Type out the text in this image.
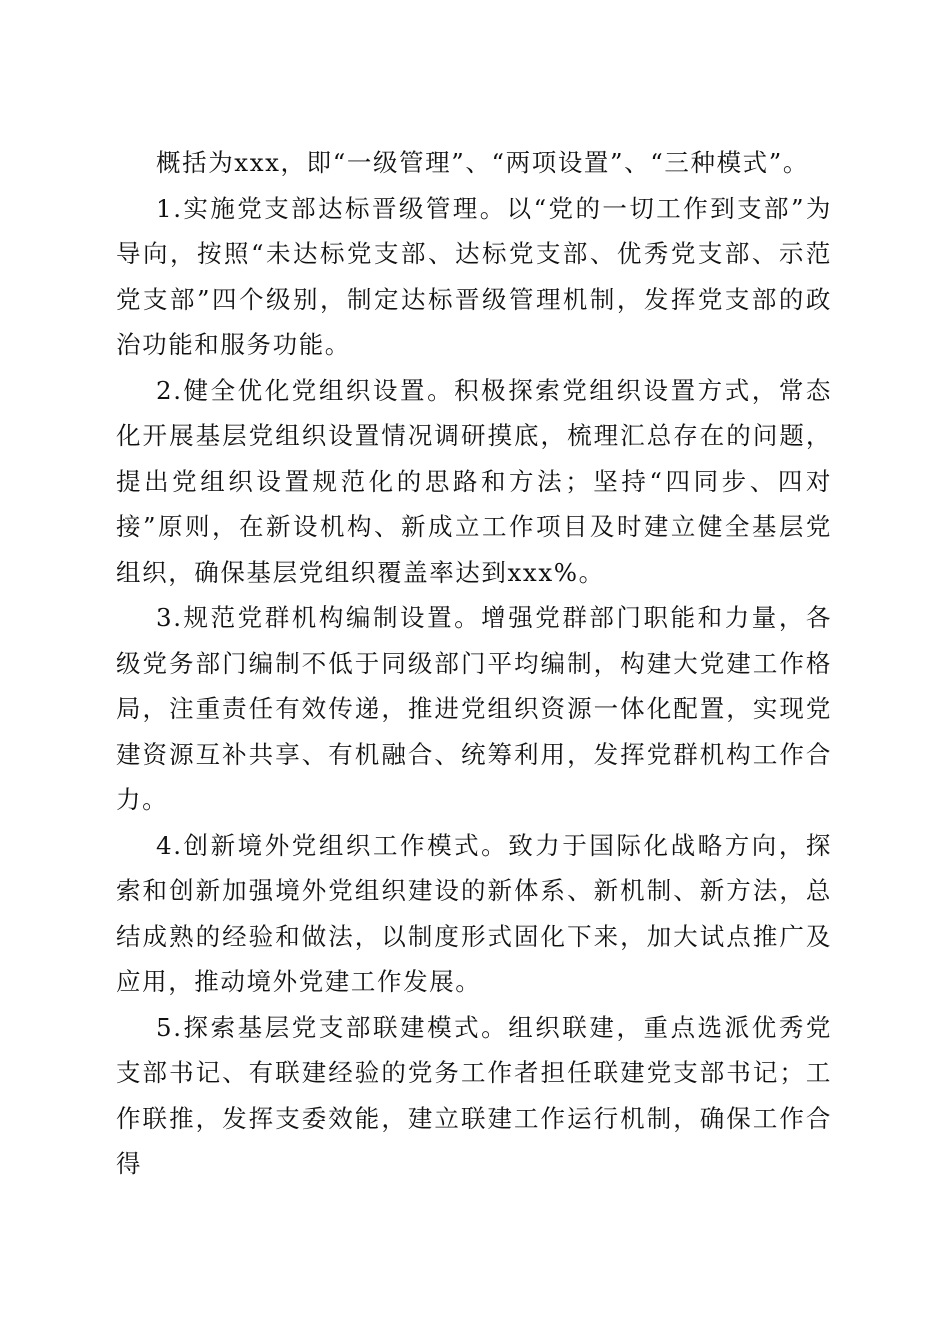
概括为xxx，即“一级管理”、“两项设置”、“三种模式”。

1.实施党支部达标晋级管理。以“党的一切工作到支部”为导向，按照“未达标党支部、达标党支部、优秀党支部、示范党支部”四个级别，制定达标晋级管理机制，发挥党支部的政治功能和服务功能。

2.健全优化党组织设置。积极探索党组织设置方式，常态化开展基层党组织设置情况调研摸底，梳理汇总存在的问题，提出党组织设置规范化的思路和方法；坚持“四同步、四对接”原则，在新设机构、新成立工作项目及时建立健全基层党组织，确保基层党组织覆盖率达到xxx%。

3.规范党群机构编制设置。增强党群部门职能和力量，各级党务部门编制不低于同级部门平均编制，构建大党建工作格局，注重责任有效传递，推进党组织资源一体化配置，实现党建资源互补共享、有机融合、统筹利用，发挥党群机构工作合力。

4.创新境外党组织工作模式。致力于国际化战略方向，探索和创新加强境外党组织建设的新体系、新机制、新方法，总结成熟的经验和做法，以制度形式固化下来，加大试点推广及应用，推动境外党建工作发展。

5.探索基层党支部联建模式。组织联建，重点选派优秀党支部书记、有联建经验的党务工作者担任联建党支部书记；工作联推，发挥支委效能，建立联建工作运行机制，确保工作合得
